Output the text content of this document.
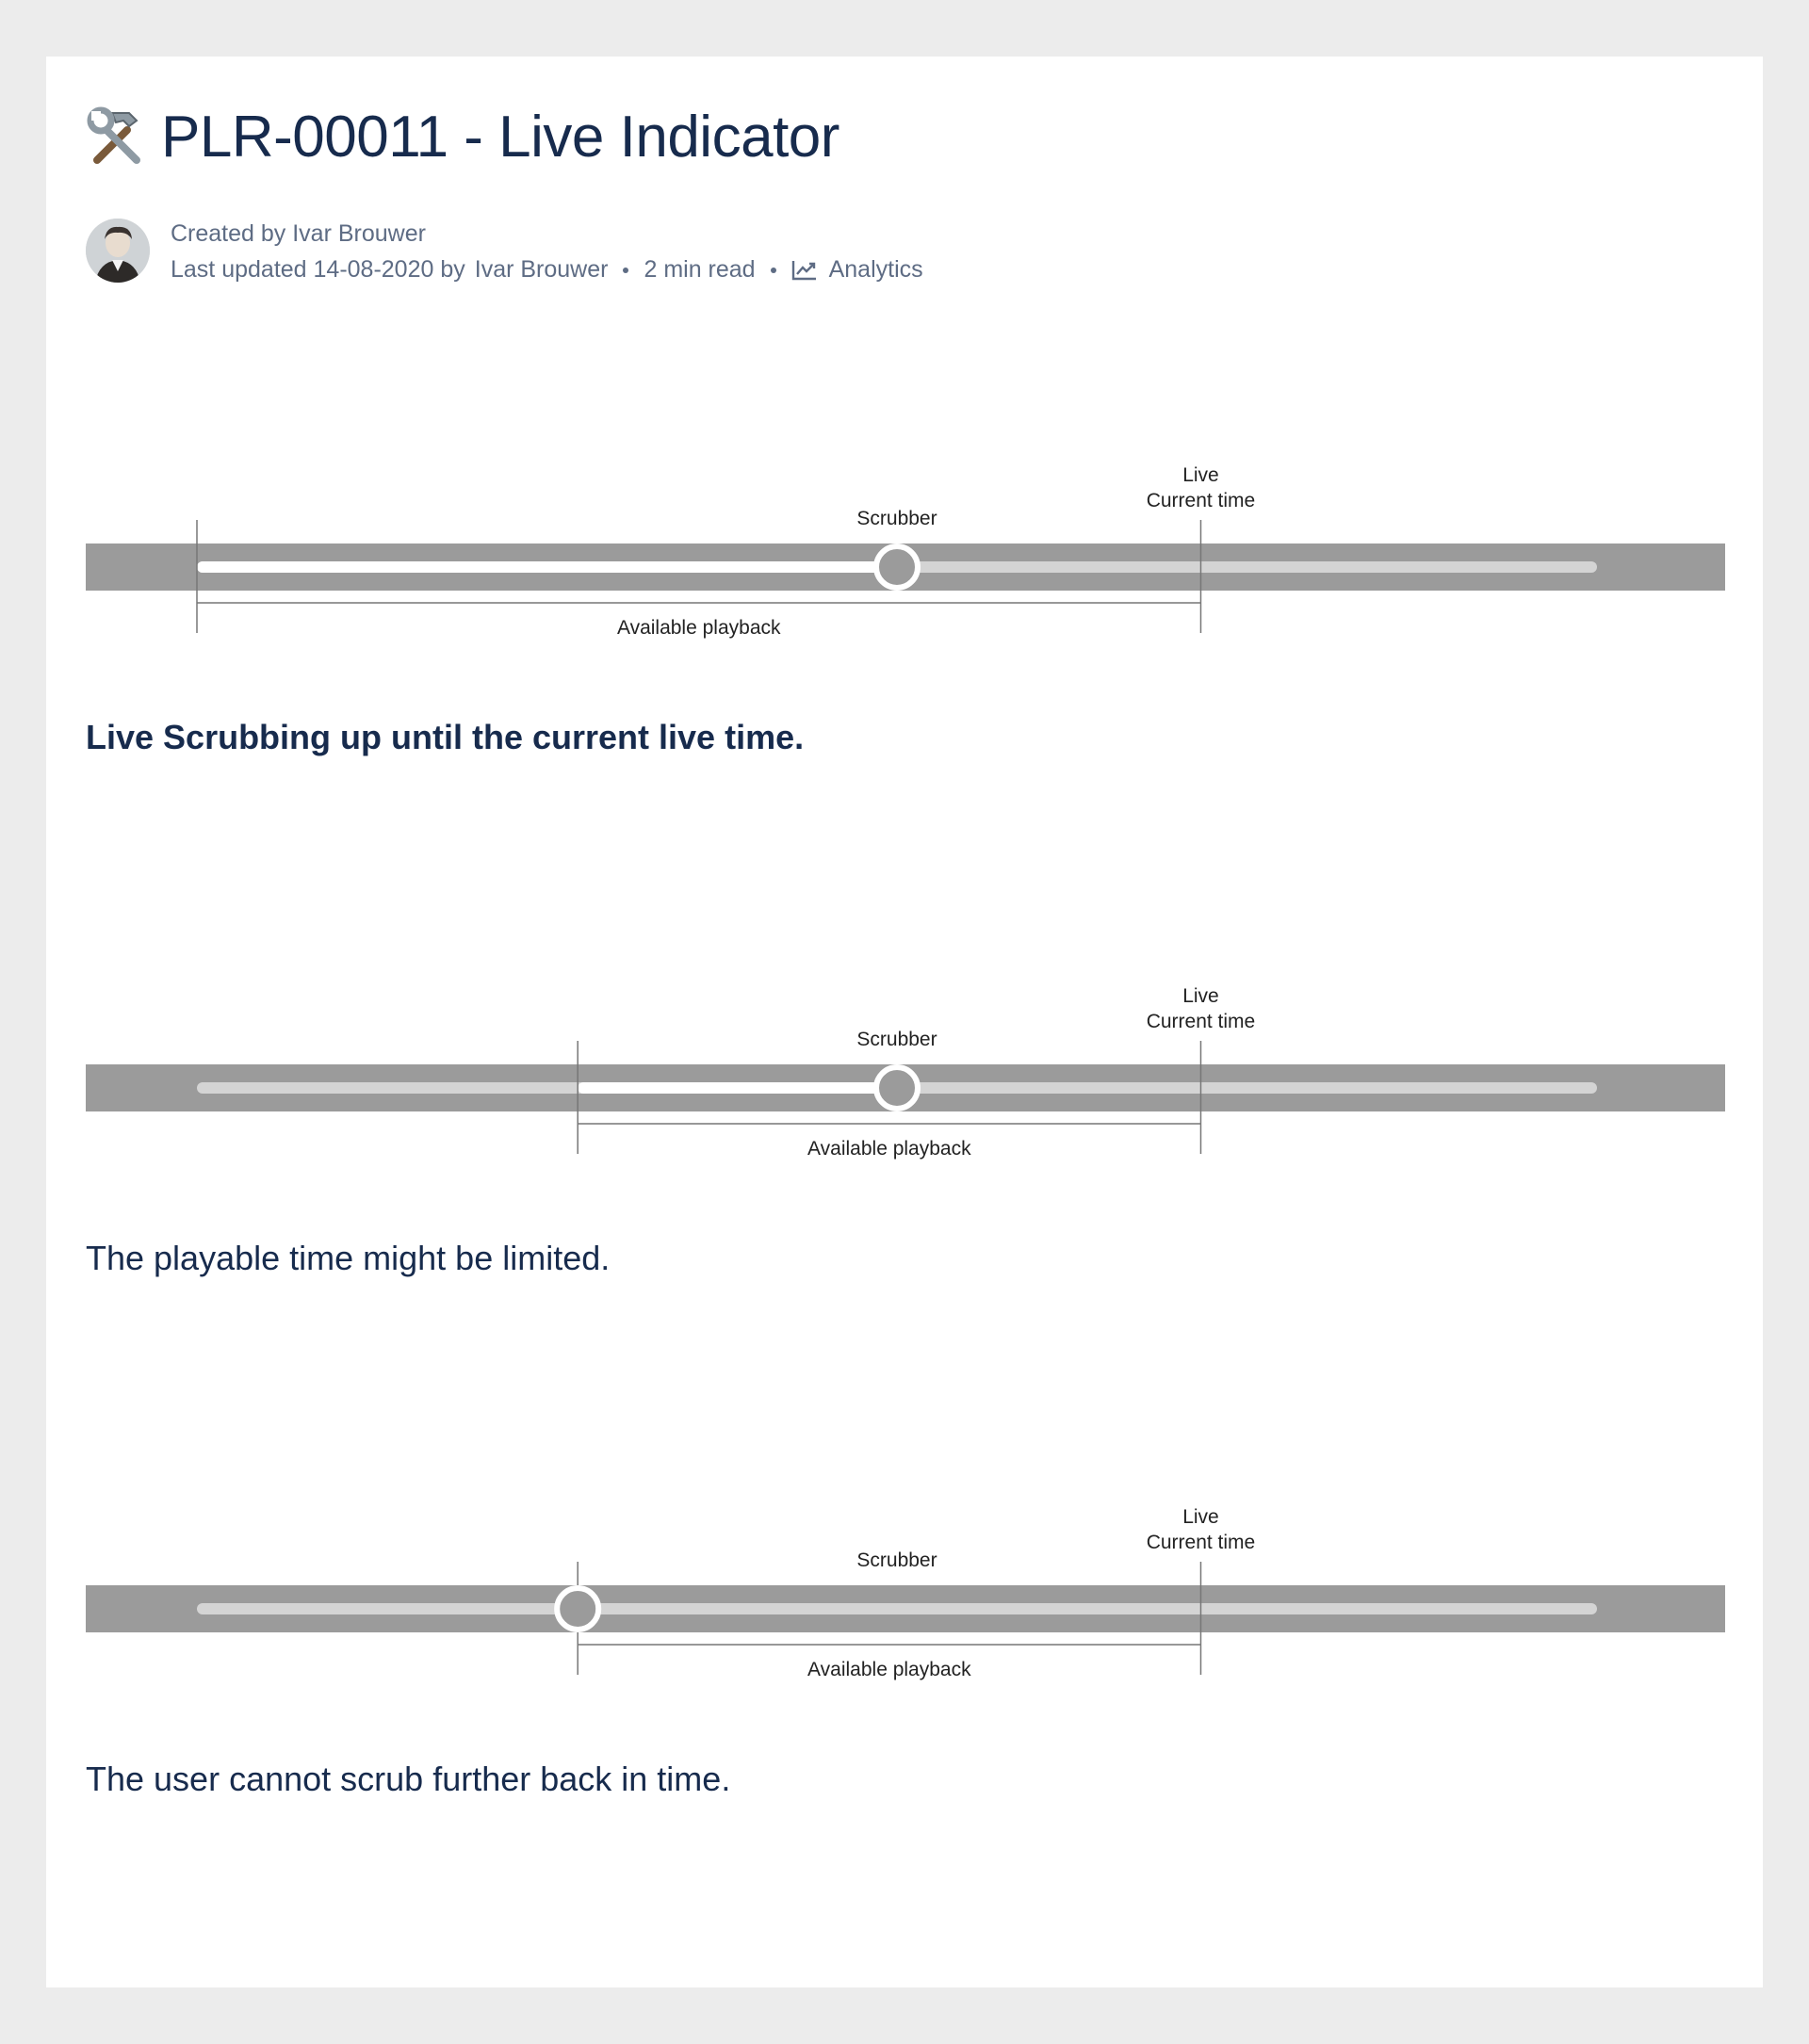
PLR-00011 - Live Indicator
Created by Ivar Brouwer
Last updated 14-08-2020 by Ivar Brouwer 2 min read	Analytics
Live
Current time
Scrubber
Available playback
Live Scrubbing up until the current live time.
Live
Current time
Scrubber
Available playback
The playable time might be limited.
Live
Current time
Scrubber
Available playback
The user cannot scrub further back in time.
